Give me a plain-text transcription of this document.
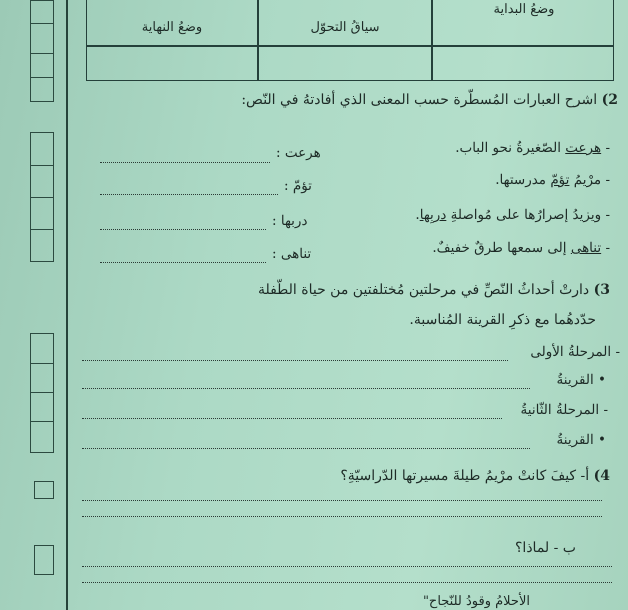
وضعُ البداية
سياقُ التحوّل
وضعُ النهاية
2) اشرح العبارات المُسطّرة حسب المعنى الذي أفادتهُ في النّص:
- هرعت الصّغيرةُ نحو الباب.
هرعت :
- مرْيمُ تؤمّ مدرستها.
تؤمّ :
- ويزيدُ إصرارُها على مُواصلةِ دربِها.
دربها :
- تناهى إلى سمعها طرقٌ خفيفٌ.
تناهى :
3) دارتْ أحداثُ النّصِّ في مرحلتين مُختلفتين من حياة الطّفلة
حدّدهُما مع ذكرِ القرينة المُناسبة.
- المرحلةُ الأولى
• القرينةُ
- المرحلةُ الثّانيةُ
• القرينةُ
4) أ- كيفَ كانتْ مرْيمُ طيلةَ مسيرتها الدّراسيّةِ؟
ب - لماذا؟
الأحلامُ وقودُ للنّجاح"
